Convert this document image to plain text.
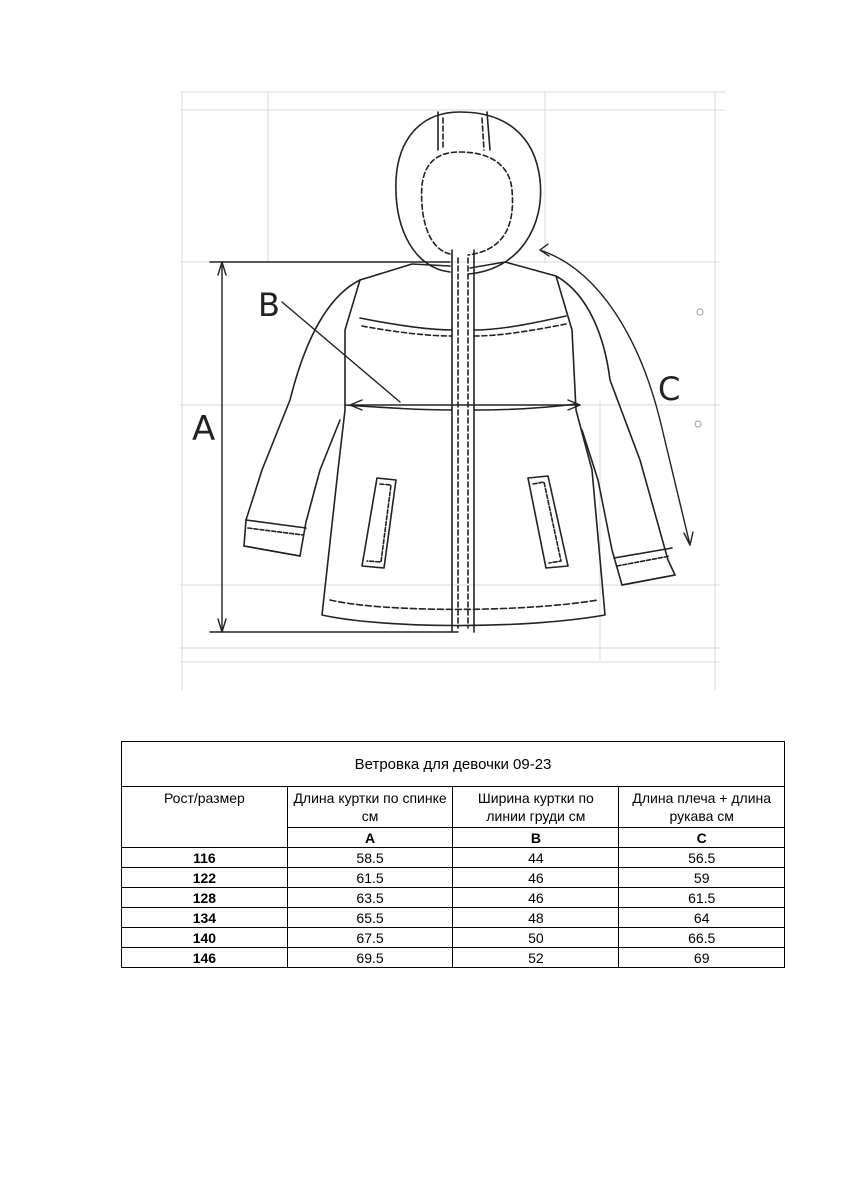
A
B
C
Ветровка для девочки 09-23			
Рост/размер	Длина куртки по спинке см	Ширина куртки по линии груди см	Длина плеча + длина рукава см
	A	B	C
116	58.5	44	56.5
122	61.5	46	59
128	63.5	46	61.5
134	65.5	48	64
140	67.5	50	66.5
146	69.5	52	69
